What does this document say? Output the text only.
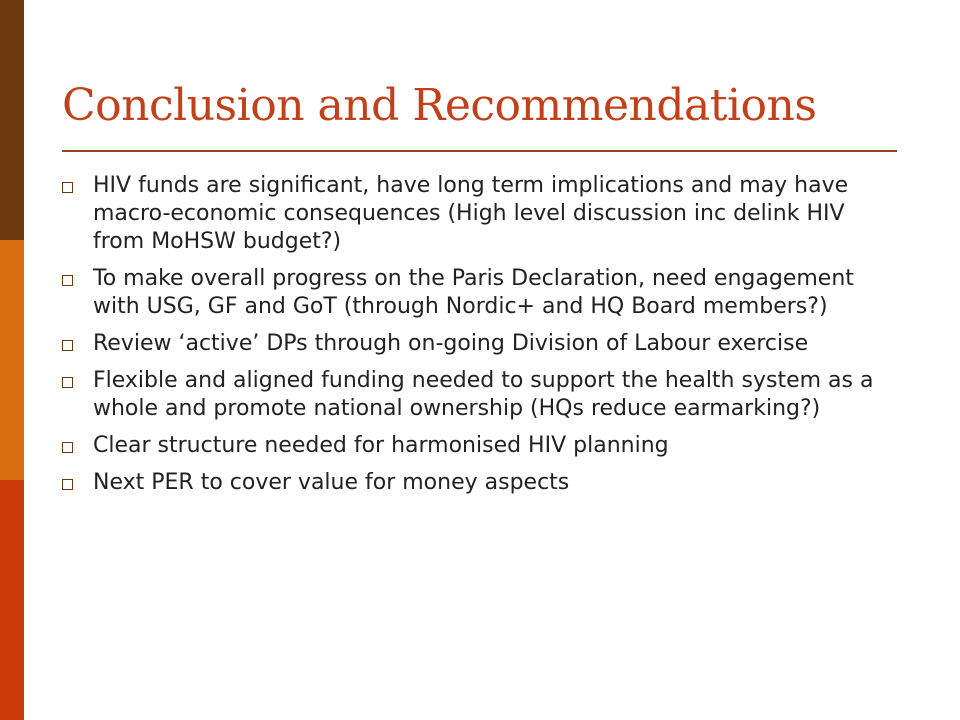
Conclusion and Recommendations
HIV funds are significant, have long term implications and may have macro-economic consequences (High level discussion inc delink HIV from MoHSW budget?)
To make overall progress on the Paris Declaration, need engagement with USG, GF and GoT (through Nordic+ and HQ Board members?)
Review ‘active’ DPs through on-going Division of Labour exercise
Flexible and aligned funding needed to support the health system as a whole and promote national ownership (HQs reduce earmarking?)
Clear structure needed for harmonised HIV planning
Next PER to cover value for money aspects
